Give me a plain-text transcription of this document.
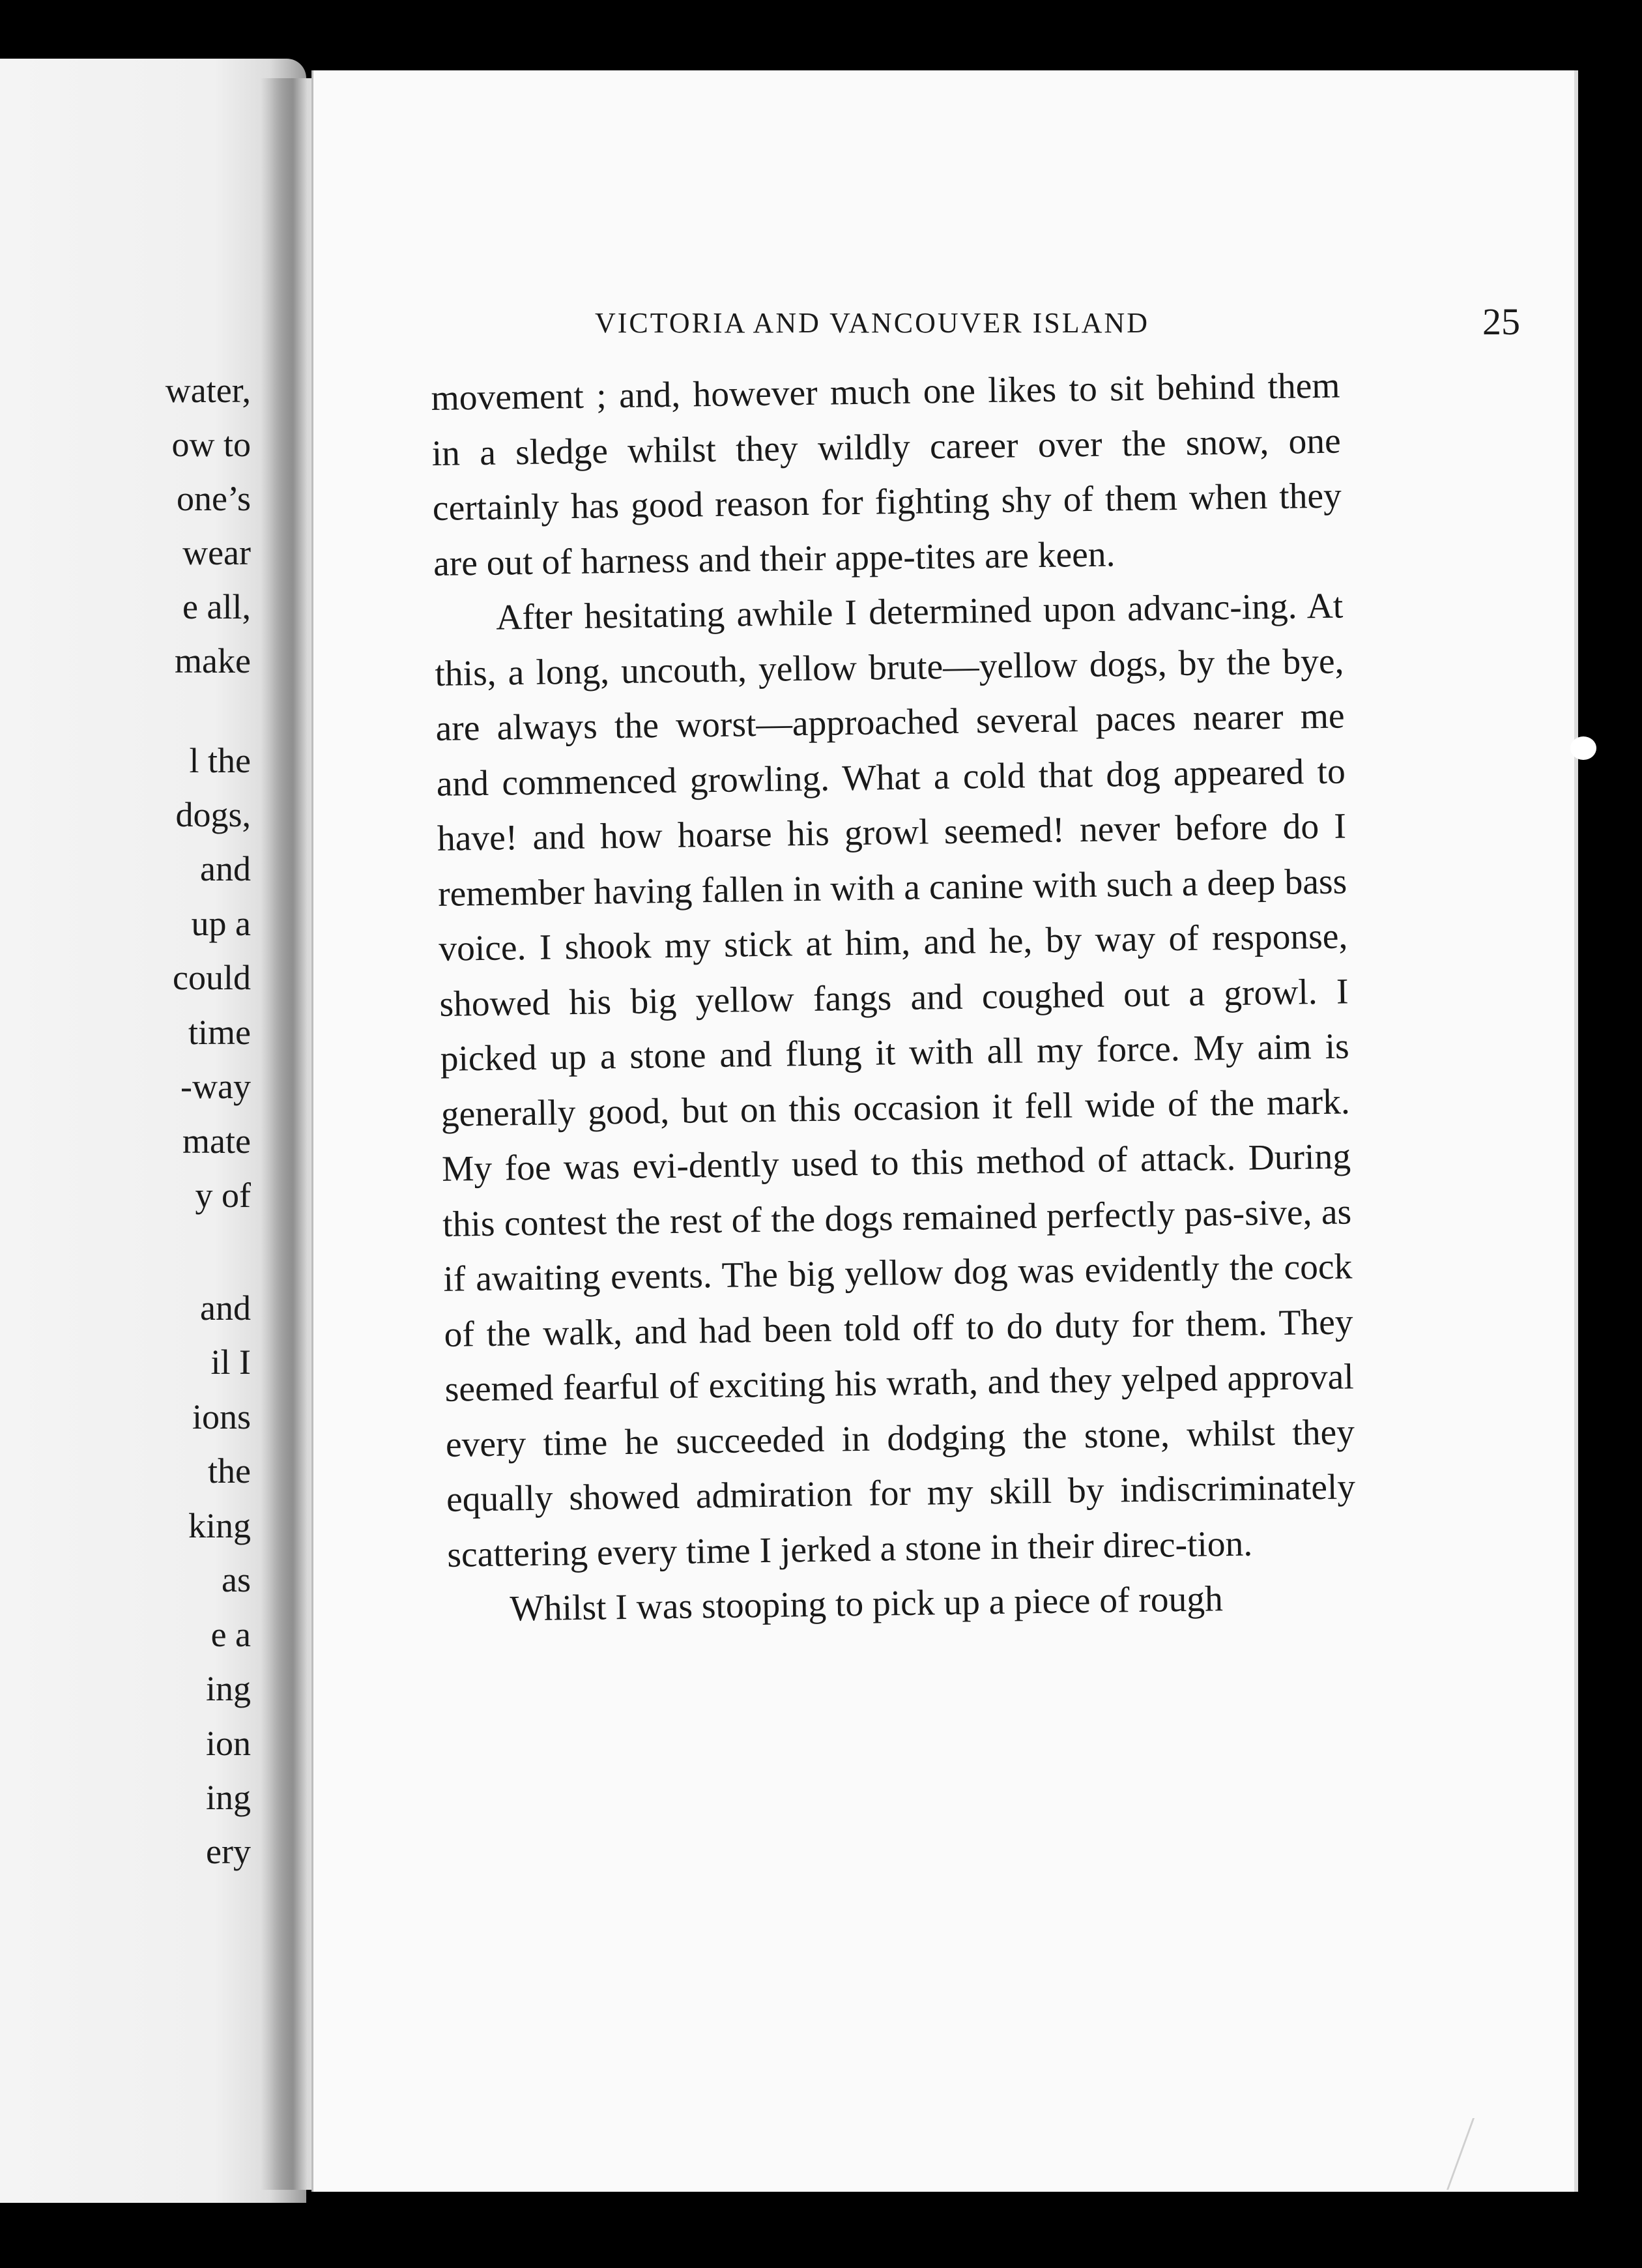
water,
ow to
one’s
wear
e all,
make
l the
dogs,
and
up a
could
time
-way
mate
y of
and
il I
ions
the
king
as
e a
ing
ion
ing
ery
VICTORIA AND VANCOUVER ISLAND	25

movement ; and, however much one likes to sit behind them in a sledge whilst they wildly career over the snow, one certainly has good reason for fighting shy of them when they are out of harness and their appe-tites are keen.

After hesitating awhile I determined upon advanc-ing. At this, a long, uncouth, yellow brute—yellow dogs, by the bye, are always the worst—approached several paces nearer me and commenced growling. What a cold that dog appeared to have! and how hoarse his growl seemed! never before do I remember having fallen in with a canine with such a deep bass voice. I shook my stick at him, and he, by way of response, showed his big yellow fangs and coughed out a growl. I picked up a stone and flung it with all my force. My aim is generally good, but on this occasion it fell wide of the mark. My foe was evi-dently used to this method of attack. During this contest the rest of the dogs remained perfectly pas-sive, as if awaiting events. The big yellow dog was evidently the cock of the walk, and had been told off to do duty for them. They seemed fearful of exciting his wrath, and they yelped approval every time he succeeded in dodging the stone, whilst they equally showed admiration for my skill by indiscriminately scattering every time I jerked a stone in their direc-tion.

Whilst I was stooping to pick up a piece of rough
